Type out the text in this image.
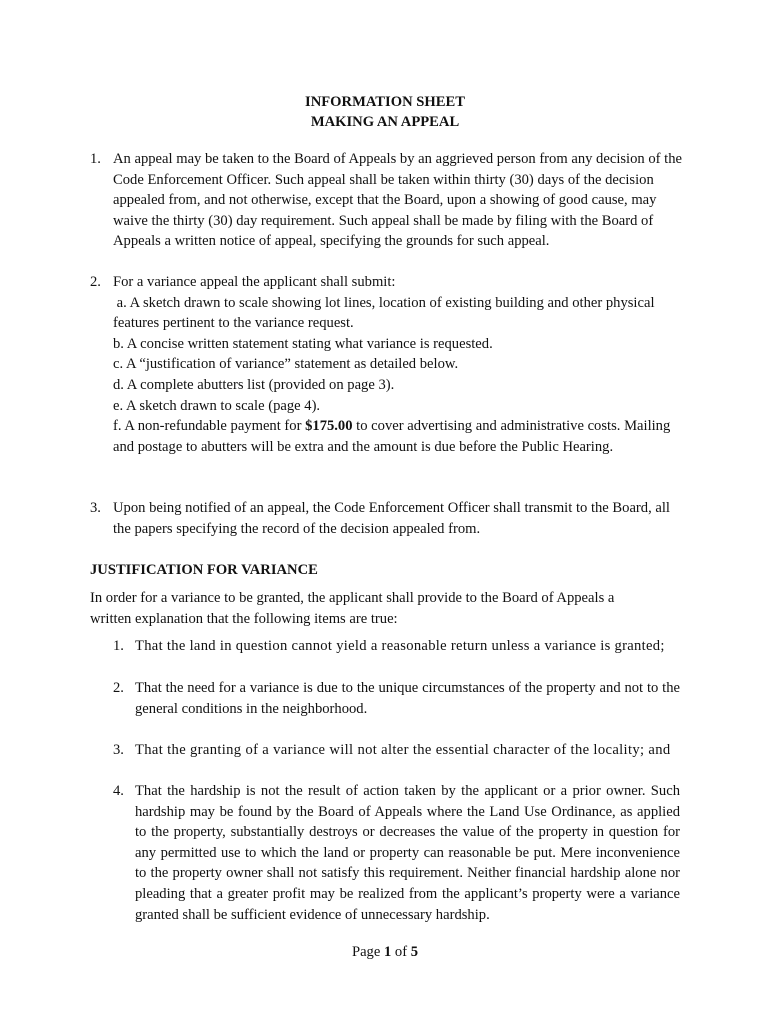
INFORMATION SHEET
MAKING AN APPEAL
1. An appeal may be taken to the Board of Appeals by an aggrieved person from any decision of the Code Enforcement Officer. Such appeal shall be taken within thirty (30) days of the decision appealed from, and not otherwise, except that the Board, upon a showing of good cause, may waive the thirty (30) day requirement. Such appeal shall be made by filing with the Board of Appeals a written notice of appeal, specifying the grounds for such appeal.
2. For a variance appeal the applicant shall submit:
a. A sketch drawn to scale showing lot lines, location of existing building and other physical features pertinent to the variance request.
b. A concise written statement stating what variance is requested.
c. A “justification of variance” statement as detailed below.
d. A complete abutters list (provided on page 3).
e. A sketch drawn to scale (page 4).
f. A non-refundable payment for $175.00 to cover advertising and administrative costs. Mailing and postage to abutters will be extra and the amount is due before the Public Hearing.
3. Upon being notified of an appeal, the Code Enforcement Officer shall transmit to the Board, all the papers specifying the record of the decision appealed from.
JUSTIFICATION FOR VARIANCE
In order for a variance to be granted, the applicant shall provide to the Board of Appeals a written explanation that the following items are true:
1. That the land in question cannot yield a reasonable return unless a variance is granted;
2. That the need for a variance is due to the unique circumstances of the property and not to the general conditions in the neighborhood.
3. That the granting of a variance will not alter the essential character of the locality; and
4. That the hardship is not the result of action taken by the applicant or a prior owner. Such hardship may be found by the Board of Appeals where the Land Use Ordinance, as applied to the property, substantially destroys or decreases the value of the property in question for any permitted use to which the land or property can reasonable be put. Mere inconvenience to the property owner shall not satisfy this requirement. Neither financial hardship alone nor pleading that a greater profit may be realized from the applicant’s property were a variance granted shall be sufficient evidence of unnecessary hardship.
Page 1 of 5
